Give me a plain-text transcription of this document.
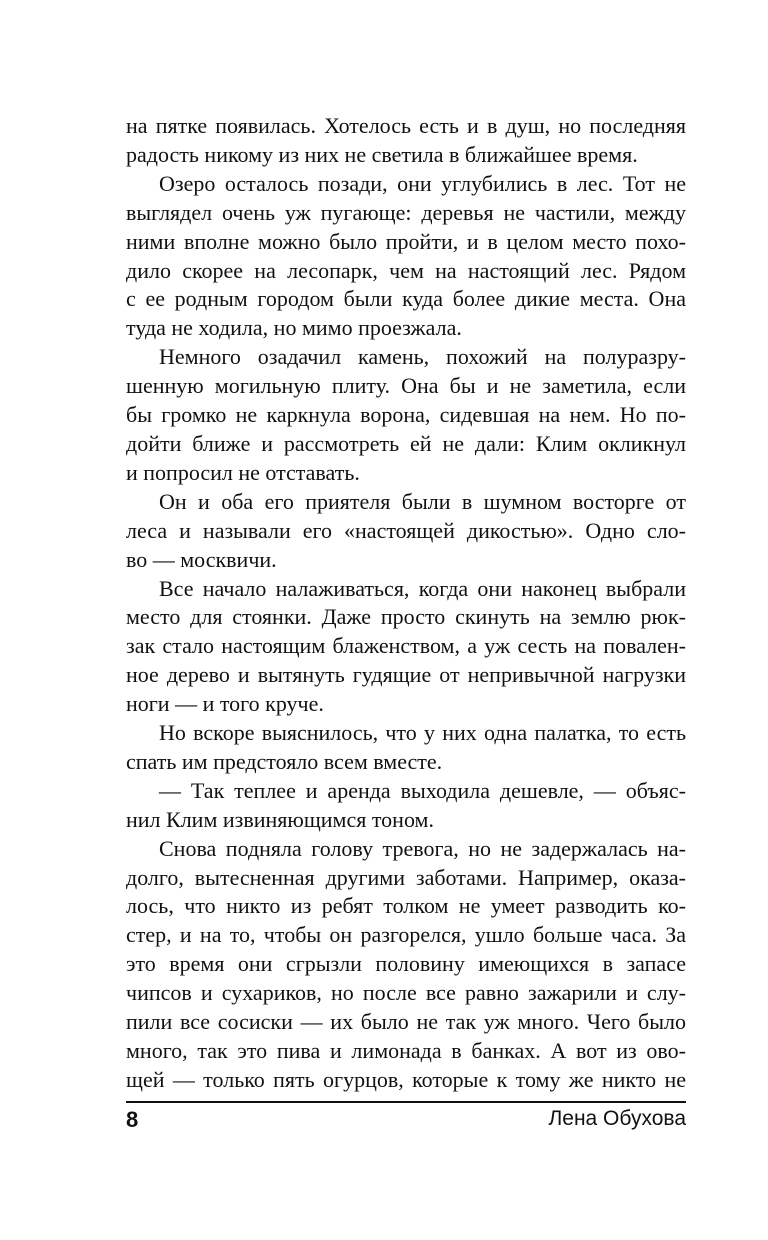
на пятке появилась. Хотелось есть и в душ, но последняя
радость никому из них не светила в ближайшее время.
Озеро осталось позади, они углубились в лес. Тот не
выглядел очень уж пугающе: деревья не частили, между
ними вполне можно было пройти, и в целом место похо-
дило скорее на лесопарк, чем на настоящий лес. Рядом
с ее родным городом были куда более дикие места. Она
туда не ходила, но мимо проезжала.
Немного озадачил камень, похожий на полуразру-
шенную могильную плиту. Она бы и не заметила, если
бы громко не каркнула ворона, сидевшая на нем. Но по-
дойти ближе и рассмотреть ей не дали: Клим окликнул
и попросил не отставать.
Он и оба его приятеля были в шумном восторге от
леса и называли его «настоящей дикостью». Одно сло-
во — москвичи.
Все начало налаживаться, когда они наконец выбрали
место для стоянки. Даже просто скинуть на землю рюк-
зак стало настоящим блаженством, а уж сесть на повален-
ное дерево и вытянуть гудящие от непривычной нагрузки
ноги — и того круче.
Но вскоре выяснилось, что у них одна палатка, то есть
спать им предстояло всем вместе.
— Так теплее и аренда выходила дешевле, — объяс-
нил Клим извиняющимся тоном.
Снова подняла голову тревога, но не задержалась на-
долго, вытесненная другими заботами. Например, оказа-
лось, что никто из ребят толком не умеет разводить ко-
стер, и на то, чтобы он разгорелся, ушло больше часа. За
это время они сгрызли половину имеющихся в запасе
чипсов и сухариков, но после все равно зажарили и слу-
пили все сосиски — их было не так уж много. Чего было
много, так это пива и лимонада в банках. А вот из ово-
щей — только пять огурцов, которые к тому же никто не
8	Лена Обухова
